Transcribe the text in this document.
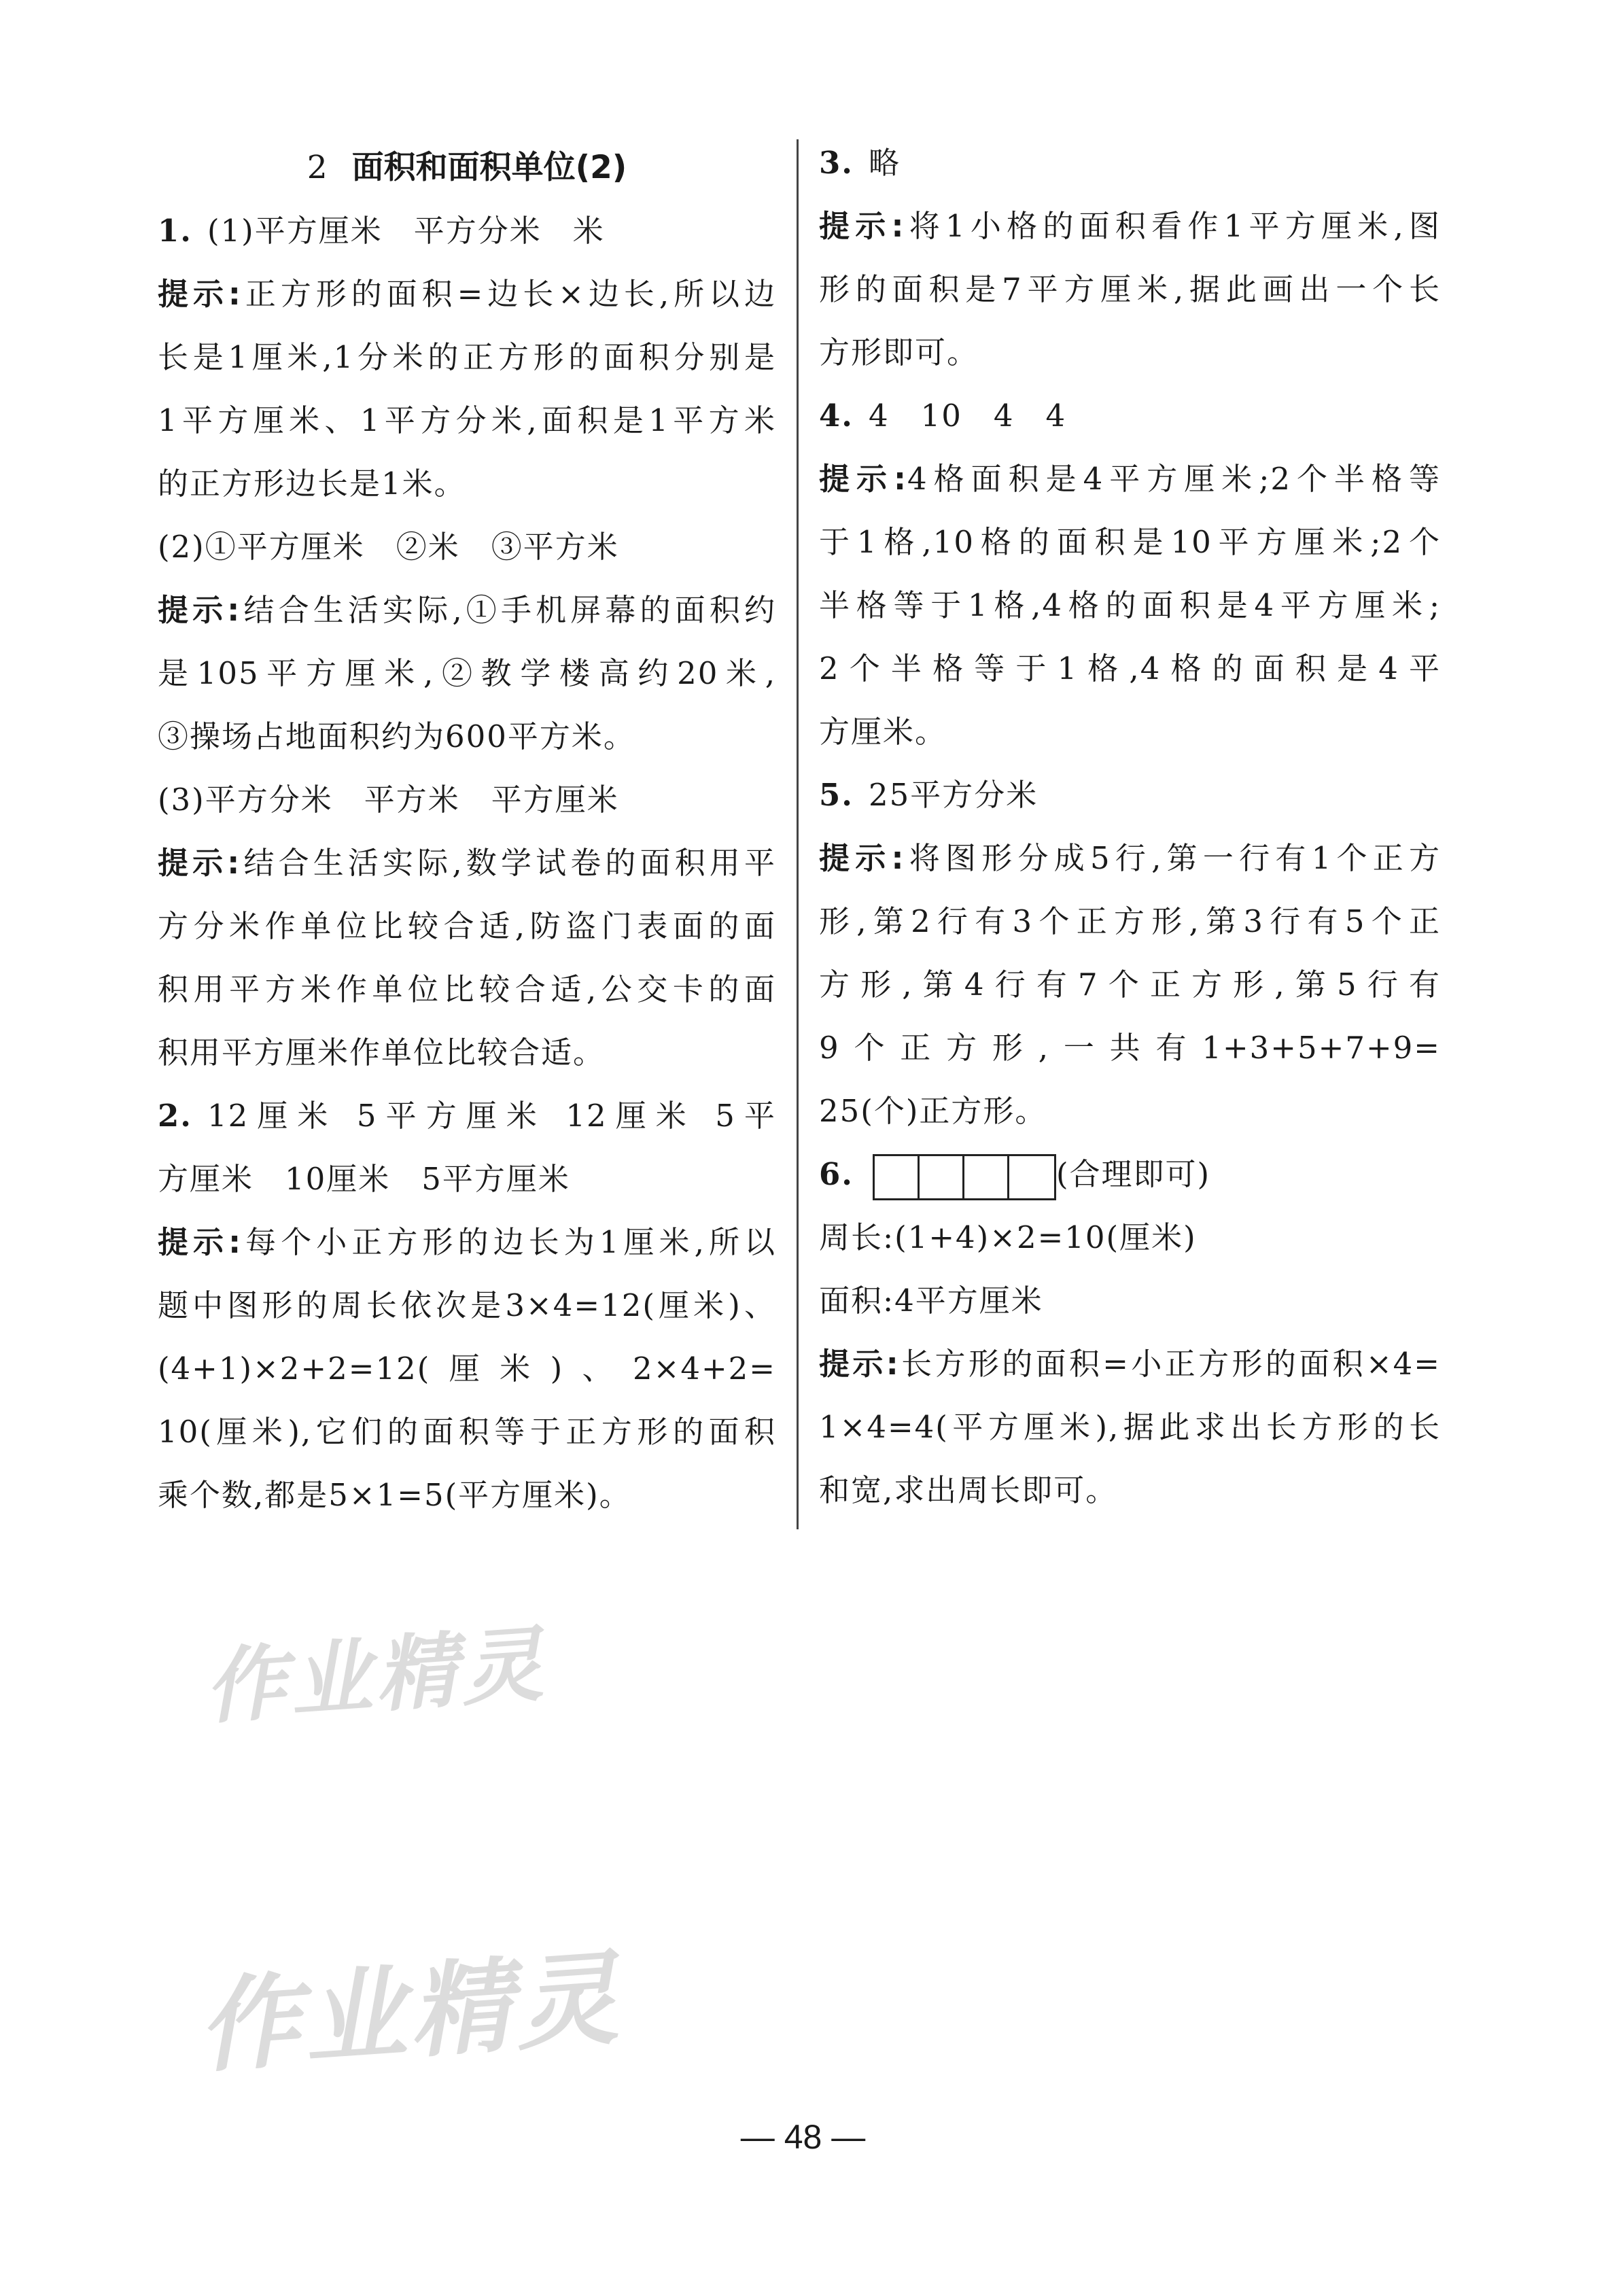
2 面积和面积单位(2)
1. (1)平方厘米 平方分米 米
提示:正方形的面积=边长×边长,所以边
长是1厘米,1分米的正方形的面积分别是
1平方厘米、1平方分米,面积是1平方米
的正方形边长是1米。
(2)①平方厘米 ②米 ③平方米
提示:结合生活实际,①手机屏幕的面积约
是105平方厘米,②教学楼高约20米,
③操场占地面积约为600平方米。
(3)平方分米 平方米 平方厘米
提示:结合生活实际,数学试卷的面积用平
方分米作单位比较合适,防盗门表面的面
积用平方米作单位比较合适,公交卡的面
积用平方厘米作单位比较合适。
2. 12厘米 5平方厘米 12厘米 5平
方厘米 10厘米 5平方厘米
提示:每个小正方形的边长为1厘米,所以
题中图形的周长依次是3×4=12(厘米)、
(4+1)×2+2=12(厘米)、2×4+2=
10(厘米),它们的面积等于正方形的面积
乘个数,都是5×1=5(平方厘米)。
3. 略
提示:将1小格的面积看作1平方厘米,图
形的面积是7平方厘米,据此画出一个长
方形即可。
4. 4 10 4 4
提示:4格面积是4平方厘米;2个半格等
于1格,10格的面积是10平方厘米;2个
半格等于1格,4格的面积是4平方厘米;
2个半格等于1格,4格的面积是4平
方厘米。
5. 25平方分米
提示:将图形分成5行,第一行有1个正方
形,第2行有3个正方形,第3行有5个正
方形,第4行有7个正方形,第5行有
9个正方形,一共有1+3+5+7+9=
25(个)正方形。
6.	(合理即可)
周长:(1+4)×2=10(厘米)
面积:4平方厘米
提示:长方形的面积=小正方形的面积×4=
1×4=4(平方厘米),据此求出长方形的长
和宽,求出周长即可。
作业精灵
作业精灵
— 48 —
